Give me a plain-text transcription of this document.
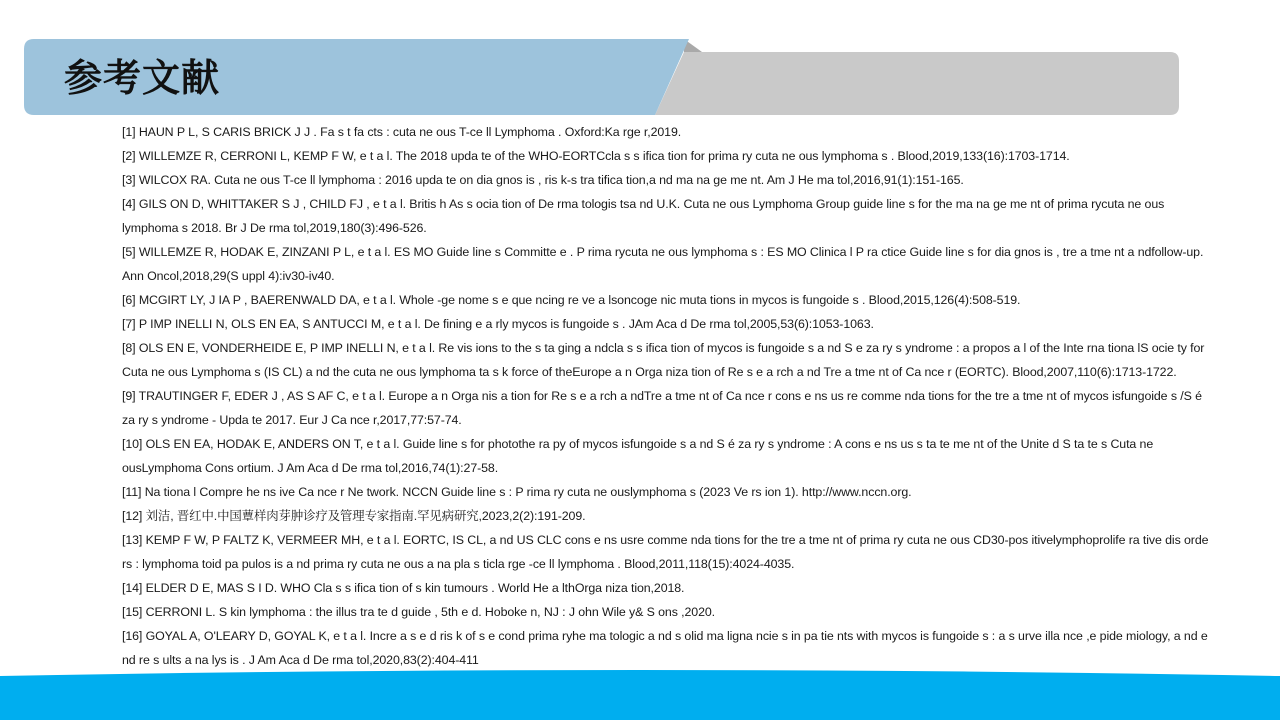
参考文献
[1] HAUN P L, S CARIS BRICK J J . Fa s t fa cts : cuta ne ous T-ce ll Lymphoma . Oxford:Ka rge r,2019.
[2] WILLEMZE R, CERRONI L, KEMP F W, e t a l. The 2018 upda te of the WHO-EORTCcla s s ifica tion for prima ry cuta ne ous lymphoma s . Blood,2019,133(16):1703-1714.
[3] WILCOX RA. Cuta ne ous T-ce ll lymphoma : 2016 upda te on dia gnos is , ris k-s tra tifica tion,a nd ma na ge me nt. Am J He ma tol,2016,91(1):151-165.
[4] GILS ON D, WHITTAKER S J , CHILD FJ , e t a l. Britis h As s ocia tion of De rma tologis tsa nd U.K. Cuta ne ous Lymphoma Group guide line s for the ma na ge me nt of prima rycuta ne ous lymphoma s 2018. Br J De rma tol,2019,180(3):496-526.
[5] WILLEMZE R, HODAK E, ZINZANI P L, e t a l. ES MO Guide line s Committe e . P rima rycuta ne ous lymphoma s : ES MO Clinica l P ra ctice Guide line s for dia gnos is , tre a tme nt a ndfollow-up. Ann Oncol,2018,29(S uppl 4):iv30-iv40.
[6] MCGIRT LY, J IA P , BAERENWALD DA, e t a l. Whole -ge nome s e que ncing re ve a lsoncoge nic muta tions in mycos is fungoide s . Blood,2015,126(4):508-519.
[7] P IMP INELLI N, OLS EN EA, S ANTUCCI M, e t a l. De fining e a rly mycos is fungoide s . JAm Aca d De rma tol,2005,53(6):1053-1063.
[8] OLS EN E, VONDERHEIDE E, P IMP INELLI N, e t a l. Re vis ions to the s ta ging a ndcla s s ifica tion of mycos is fungoide s a nd S e za ry s yndrome : a propos a l of the Inte rna tiona lS ocie ty for Cuta ne ous Lymphoma s (IS CL) a nd the cuta ne ous lymphoma ta s k force of theEurope a n Orga niza tion of Re s e a rch a nd Tre a tme nt of Ca nce r (EORTC). Blood,2007,110(6):1713-1722.
[9] TRAUTINGER F, EDER J , AS S AF C, e t a l. Europe a n Orga nis a tion for Re s e a rch a ndTre a tme nt of Ca nce r cons e ns us re comme nda tions for the tre a tme nt of mycos isfungoide s /S é za ry s yndrome - Upda te 2017. Eur J Ca nce r,2017,77:57-74.
[10] OLS EN EA, HODAK E, ANDERS ON T, e t a l. Guide line s for photothe ra py of mycos isfungoide s a nd S é za ry s yndrome : A cons e ns us s ta te me nt of the Unite d S ta te s Cuta ne ousLymphoma Cons ortium. J Am Aca d De rma tol,2016,74(1):27-58.
[11] Na tiona l Compre he ns ive Ca nce r Ne twork. NCCN Guide line s : P rima ry cuta ne ouslymphoma s (2023 Ve rs ion 1). http://www.nccn.org.
[12] 刘洁, 晋红中.中国蕈样肉芽肿诊疗及管理专家指南.罕见病研究,2023,2(2):191-209.
[13] KEMP F W, P FALTZ K, VERMEER MH, e t a l. EORTC, IS CL, a nd US CLC cons e ns usre comme nda tions for the tre a tme nt of prima ry cuta ne ous CD30-pos itivelymphoprolife ra tive dis orde rs : lymphoma toid pa pulos is a nd prima ry cuta ne ous a na pla s ticla rge -ce ll lymphoma . Blood,2011,118(15):4024-4035.
[14] ELDER D E, MAS S I D. WHO Cla s s ifica tion of s kin tumours . World He a lthOrga niza tion,2018.
[15] CERRONI L. S kin lymphoma : the illus tra te d guide , 5th e d. Hoboke n, NJ : J ohn Wile y& S ons ,2020.
[16] GOYAL A, O'LEARY D, GOYAL K, e t a l. Incre a s e d ris k of s e cond prima ryhe ma tologic a nd s olid ma ligna ncie s in pa tie nts with mycos is fungoide s : a s urve illa nce ,e pide miology, a nd e nd re s ults a na lys is . J Am Aca d De rma tol,2020,83(2):404-411
